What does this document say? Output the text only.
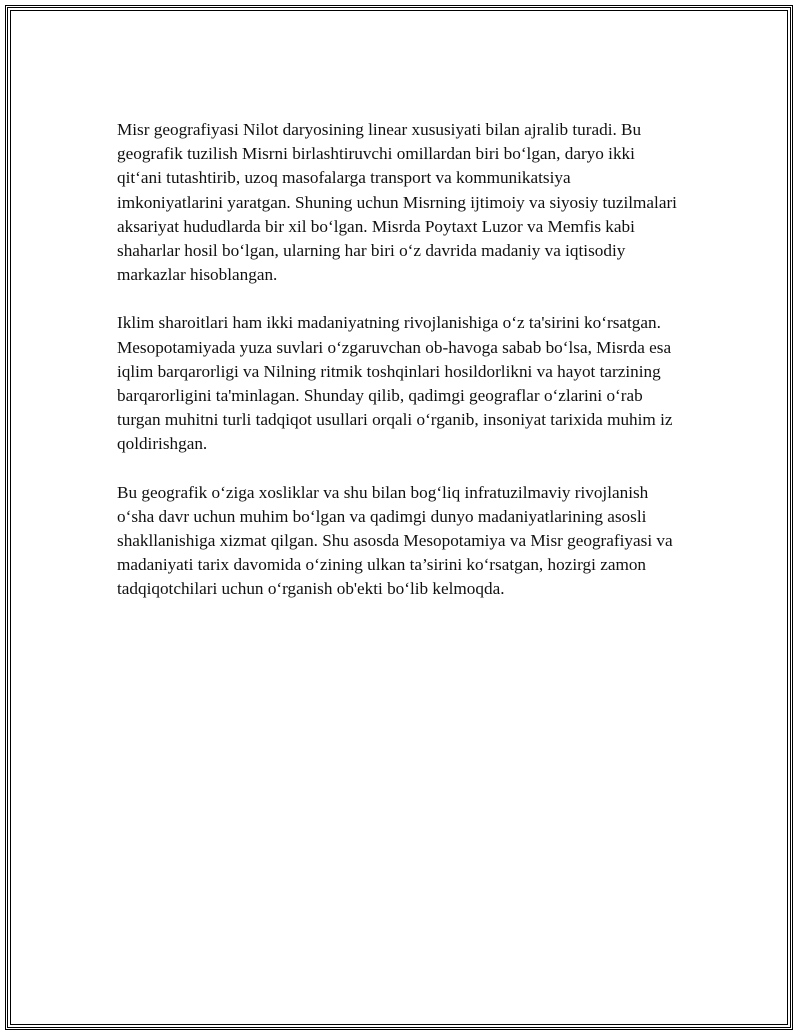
Misr geografiyasi Nilot daryosining linear xususiyati bilan ajralib turadi. Bu geografik tuzilish Misrni birlashtiruvchi omillardan biri bo‘lgan, daryo ikki qit‘ani tutashtirib, uzoq masofalarga transport va kommunikatsiya imkoniyatlarini yaratgan. Shuning uchun Misrning ijtimoiy va siyosiy tuzilmalari aksariyat hududlarda bir xil bo‘lgan. Misrda Poytaxt Luzor va Memfis kabi shaharlar hosil bo‘lgan, ularning har biri o‘z davrida madaniy va iqtisodiy markazlar hisoblangan.

Iklim sharoitlari ham ikki madaniyatning rivojlanishiga o‘z ta'sirini ko‘rsatgan. Mesopotamiyada yuza suvlari o‘zgaruvchan ob-havoga sabab bo‘lsa, Misrda esa iqlim barqarorligi va Nilning ritmik toshqinlari hosildorlikni va hayot tarzining barqarorligini ta'minlagan. Shunday qilib, qadimgi geograflar o‘zlarini o‘rab turgan muhitni turli tadqiqot usullari orqali o‘rganib, insoniyat tarixida muhim iz qoldirishgan.

Bu geografik o‘ziga xosliklar va shu bilan bog‘liq infratuzilmaviy rivojlanish o‘sha davr uchun muhim bo‘lgan va qadimgi dunyo madaniyatlarining asosli shakllanishiga xizmat qilgan. Shu asosda Mesopotamiya va Misr geografiyasi va madaniyati tarix davomida o‘zining ulkan ta’sirini ko‘rsatgan, hozirgi zamon tadqiqotchilari uchun o‘rganish ob'ekti bo‘lib kelmoqda.
